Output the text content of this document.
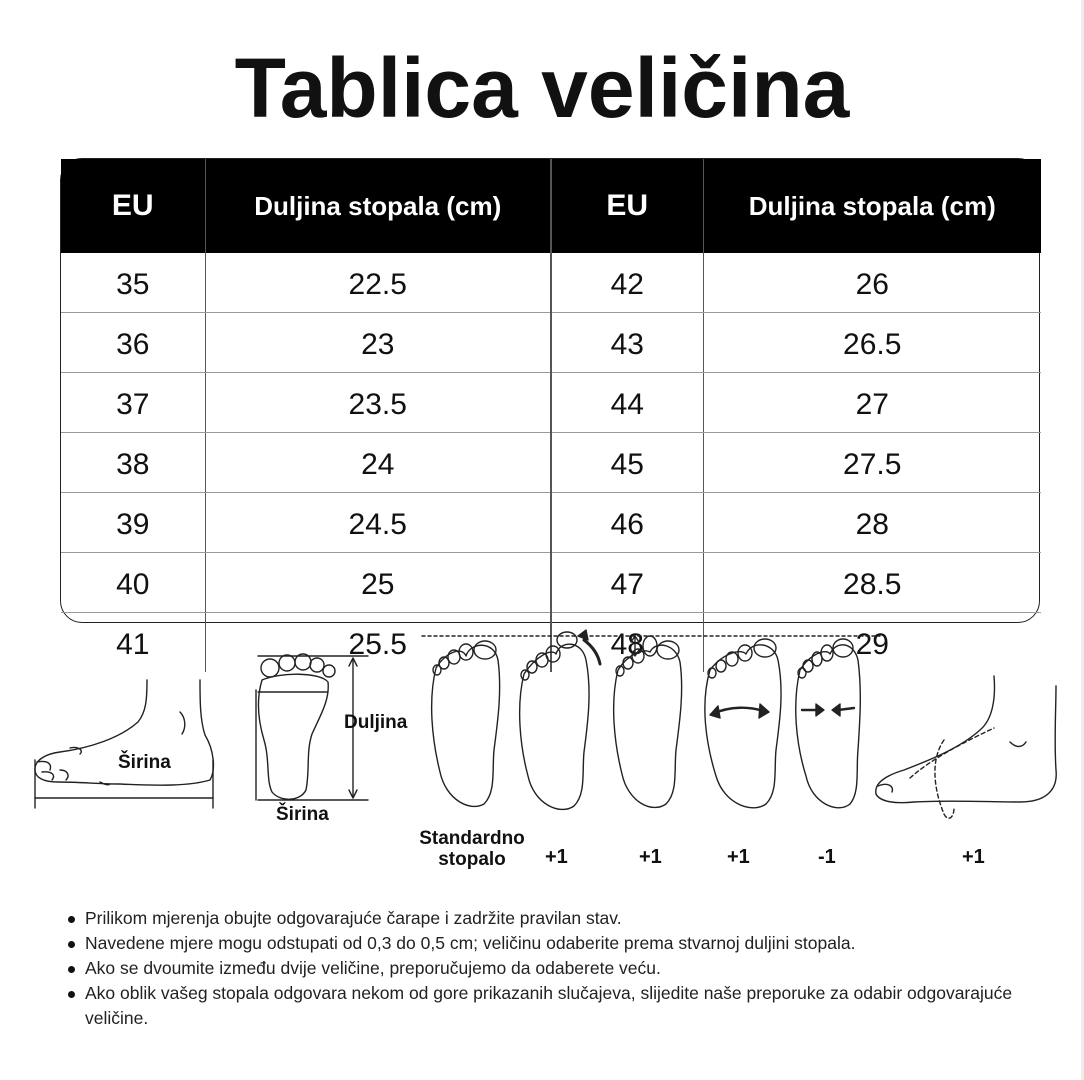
Tablica veličina
EU	Duljina stopala (cm)	EU	Duljina stopala (cm)
35	22.5	42	26
36	23	43	26.5
37	23.5	44	27
38	24	45	27.5
39	24.5	46	28
40	25	47	28.5
41	25.5	48	29
Širina
Duljina
Širina
Standardno stopalo	+1	+1	+1	-1	+1
Prilikom mjerenja obujte odgovarajuće čarape i zadržite pravilan stav.
Navedene mjere mogu odstupati od 0,3 do 0,5 cm; veličinu odaberite prema stvarnoj duljini stopala.
Ako se dvoumite između dvije veličine, preporučujemo da odaberete veću.
Ako oblik vašeg stopala odgovara nekom od gore prikazanih slučajeva, slijedite naše preporuke za odabir odgovarajuće veličine.
